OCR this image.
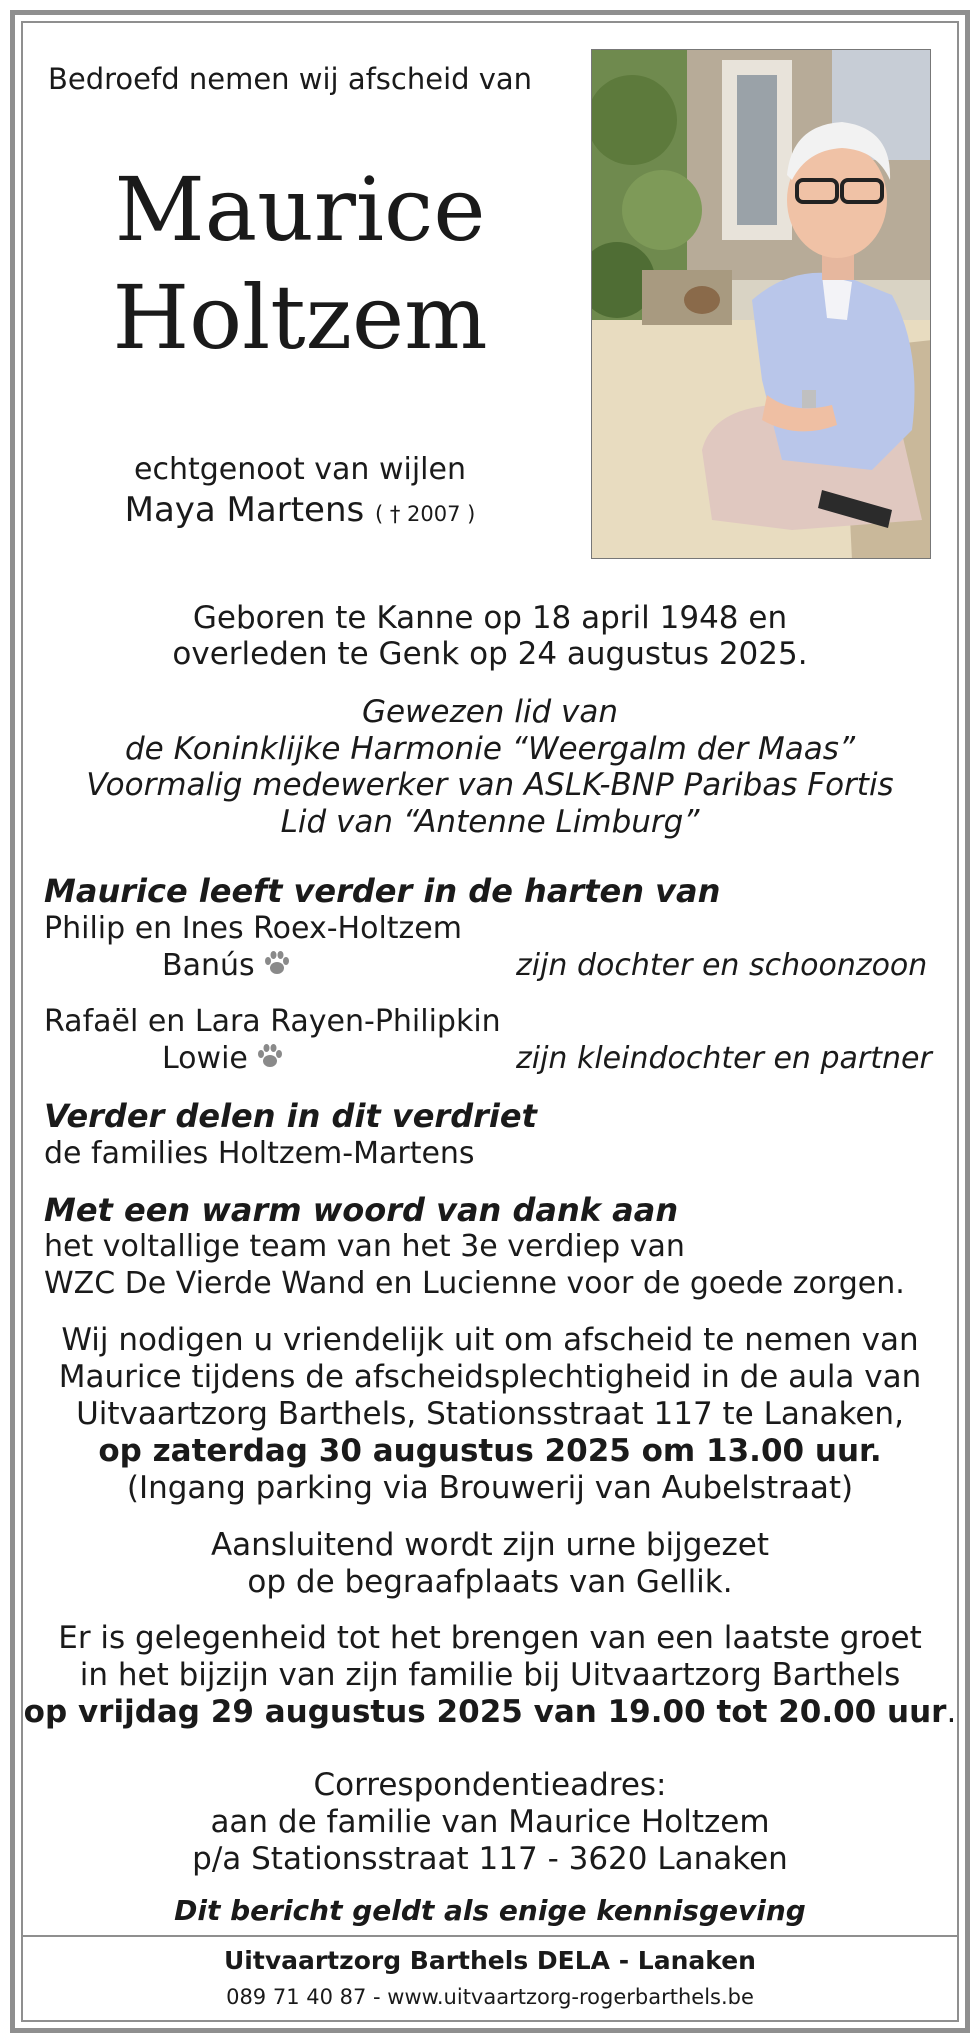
Bedroefd nemen wij afscheid van
Maurice
Holtzem
echtgenoot van wijlen
Maya Martens ( † 2007 )
Geboren te Kanne op 18 april 1948 en
overleden te Genk op 24 augustus 2025.
Gewezen lid van
de Koninklijke Harmonie “Weergalm der Maas”
Voormalig medewerker van ASLK-BNP Paribas Fortis
Lid van “Antenne Limburg”
Maurice leeft verder in de harten van
Philip en Ines Roex-Holtzem
Banús	zijn dochter en schoonzoon
Rafaël en Lara Rayen-Philipkin
Lowie	zijn kleindochter en partner
Verder delen in dit verdriet
de families Holtzem-Martens
Met een warm woord van dank aan
het voltallige team van het 3e verdiep van
WZC De Vierde Wand en Lucienne voor de goede zorgen.
Wij nodigen u vriendelijk uit om afscheid te nemen van
Maurice tijdens de afscheidsplechtigheid in de aula van
Uitvaartzorg Barthels, Stationsstraat 117 te Lanaken,
op zaterdag 30 augustus 2025 om 13.00 uur.
(Ingang parking via Brouwerij van Aubelstraat)
Aansluitend wordt zijn urne bijgezet
op de begraafplaats van Gellik.
Er is gelegenheid tot het brengen van een laatste groet
in het bijzijn van zijn familie bij Uitvaartzorg Barthels
op vrijdag 29 augustus 2025 van 19.00 tot 20.00 uur.
Correspondentieadres:
aan de familie van Maurice Holtzem
p/a Stationsstraat 117 - 3620 Lanaken
Dit bericht geldt als enige kennisgeving
Uitvaartzorg Barthels DELA - Lanaken
089 71 40 87 - www.uitvaartzorg-rogerbarthels.be
